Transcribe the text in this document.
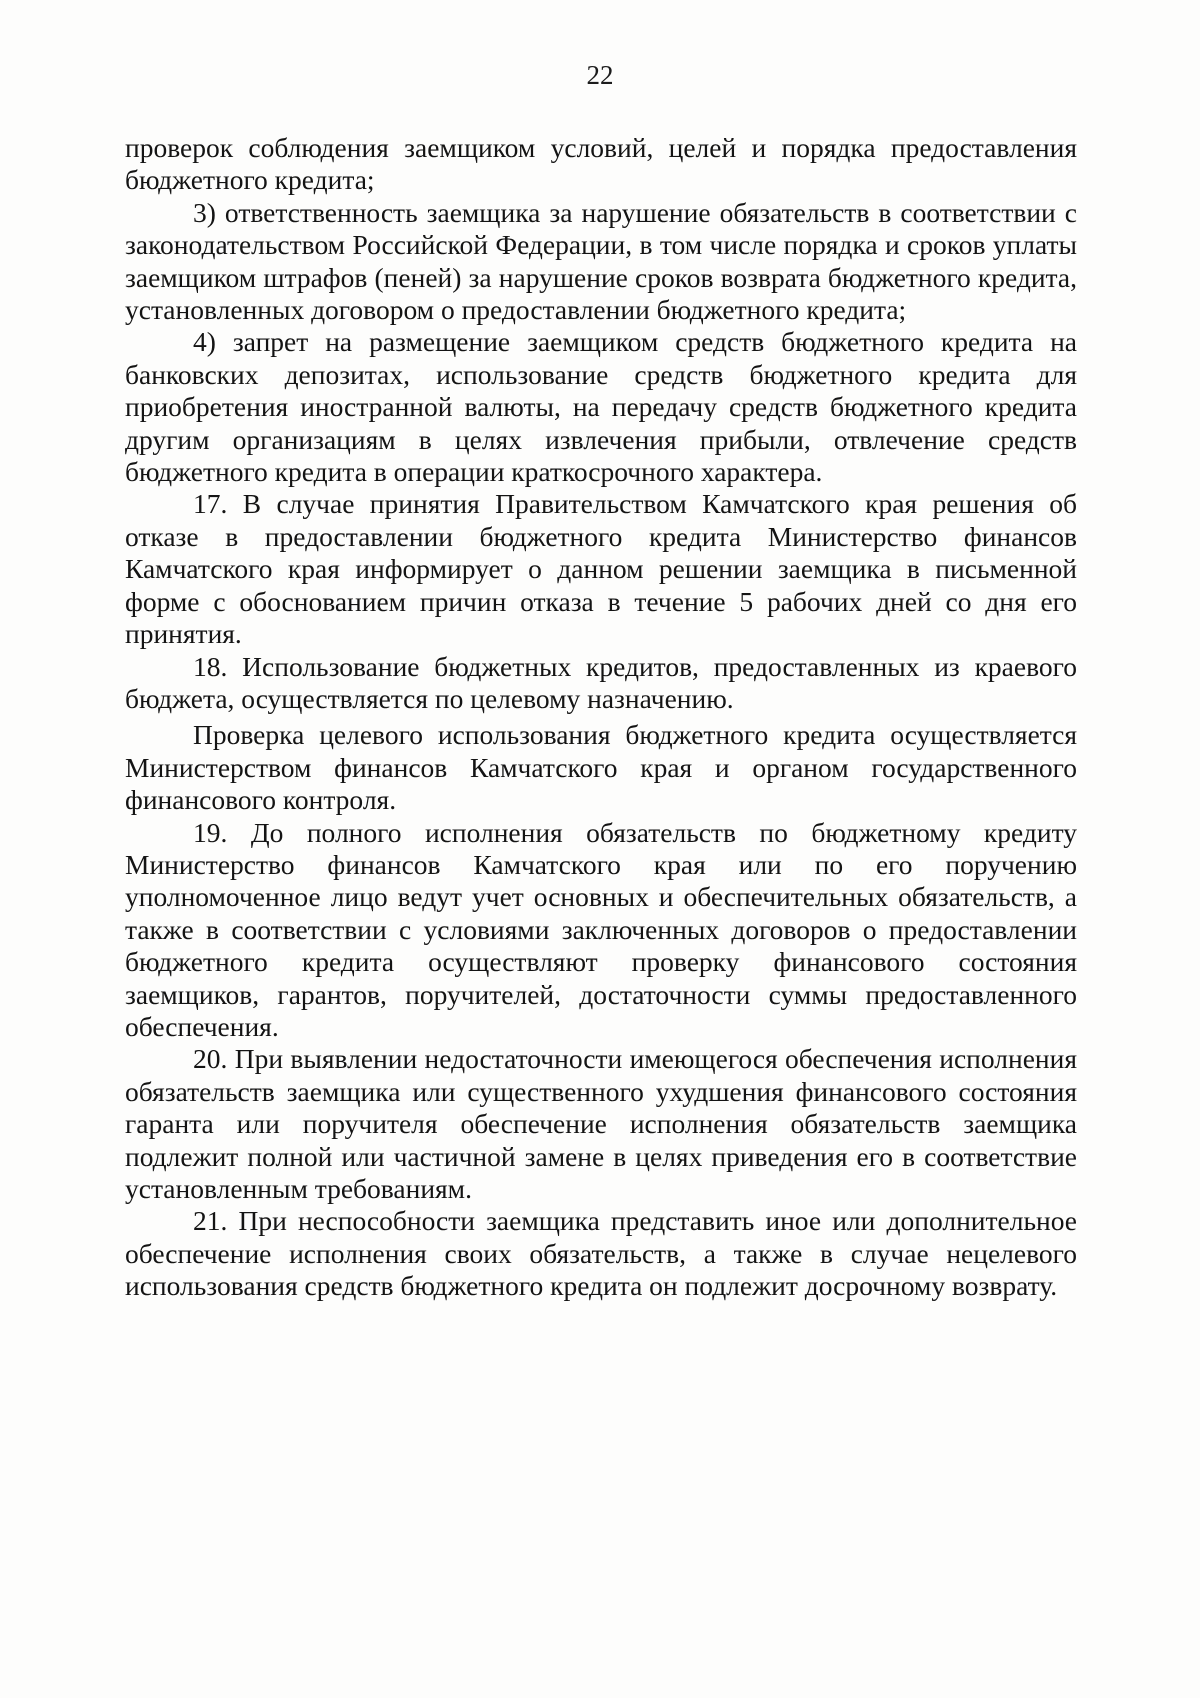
22

проверок соблюдения заемщиком условий, целей и порядка предоставления бюджетного кредита;

3) ответственность заемщика за нарушение обязательств в соответствии с законодательством Российской Федерации, в том числе порядка и сроков уплаты заемщиком штрафов (пеней) за нарушение сроков возврата бюджетного кредита, установленных договором о предоставлении бюджетного кредита;

4) запрет на размещение заемщиком средств бюджетного кредита на банковских депозитах, использование средств бюджетного кредита для приобретения иностранной валюты, на передачу средств бюджетного кредита другим организациям в целях извлечения прибыли, отвлечение средств бюджетного кредита в операции краткосрочного характера.

17. В случае принятия Правительством Камчатского края решения об отказе в предоставлении бюджетного кредита Министерство финансов Камчатского края информирует о данном решении заемщика в письменной форме с обоснованием причин отказа в течение 5 рабочих дней со дня его принятия.

18. Использование бюджетных кредитов, предоставленных из краевого бюджета, осуществляется по целевому назначению.

Проверка целевого использования бюджетного кредита осуществляется Министерством финансов Камчатского края и органом государственного финансового контроля.

19. До полного исполнения обязательств по бюджетному кредиту Министерство финансов Камчатского края или по его поручению уполномоченное лицо ведут учет основных и обеспечительных обязательств, а также в соответствии с условиями заключенных договоров о предоставлении бюджетного кредита осуществляют проверку финансового состояния заемщиков, гарантов, поручителей, достаточности суммы предоставленного обеспечения.

20. При выявлении недостаточности имеющегося обеспечения исполнения обязательств заемщика или существенного ухудшения финансового состояния гаранта или поручителя обеспечение исполнения обязательств заемщика подлежит полной или частичной замене в целях приведения его в соответствие установленным требованиям.

21. При неспособности заемщика представить иное или дополнительное обеспечение исполнения своих обязательств, а также в случае нецелевого использования средств бюджетного кредита он подлежит досрочному возврату.
